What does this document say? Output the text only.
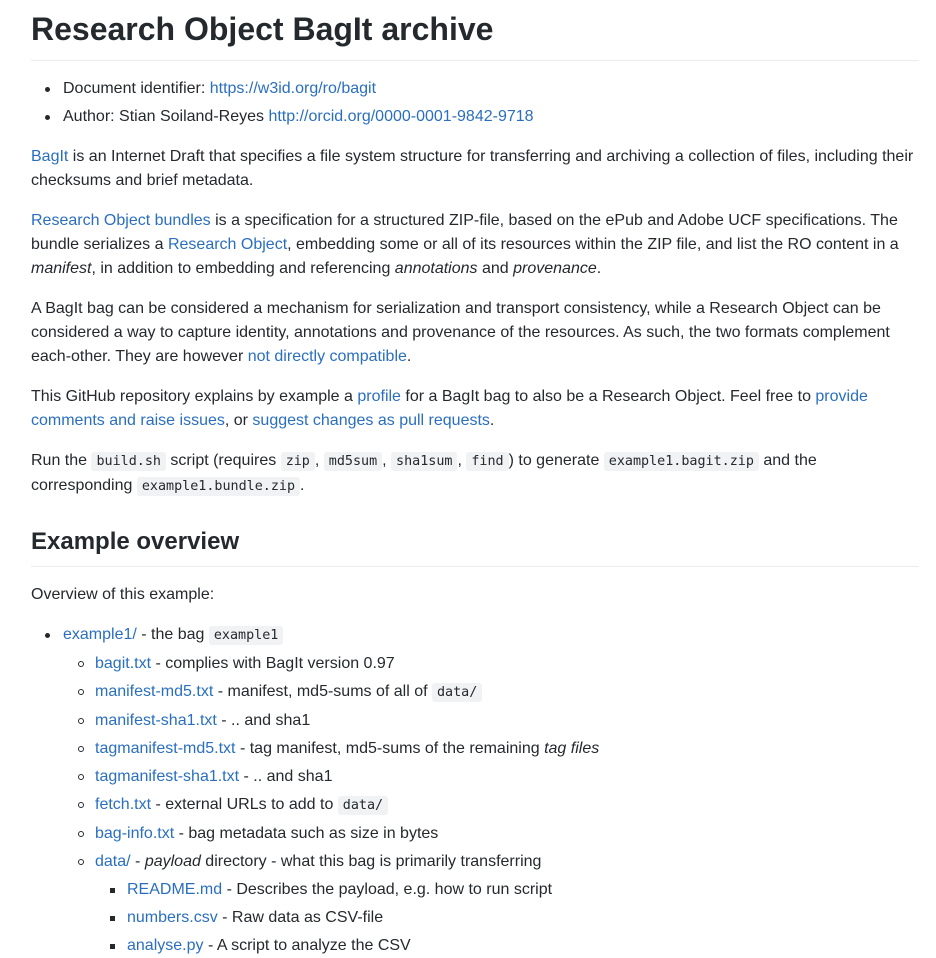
Research Object BagIt archive
Document identifier: https://w3id.org/ro/bagit
Author: Stian Soiland-Reyes http://orcid.org/0000-0001-9842-9718

BagIt is an Internet Draft that specifies a file system structure for transferring and archiving a collection of files, including their checksums and brief metadata.

Research Object bundles is a specification for a structured ZIP-file, based on the ePub and Adobe UCF specifications. The bundle serializes a Research Object, embedding some or all of its resources within the ZIP file, and list the RO content in a manifest, in addition to embedding and referencing annotations and provenance.

A BagIt bag can be considered a mechanism for serialization and transport consistency, while a Research Object can be considered a way to capture identity, annotations and provenance of the resources. As such, the two formats complement each-other. They are however not directly compatible.

This GitHub repository explains by example a profile for a BagIt bag to also be a Research Object. Feel free to provide comments and raise issues, or suggest changes as pull requests.

Run the build.sh script (requires zip , md5sum , sha1sum , find ) to generate example1.bagit.zip and the corresponding example1.bundle.zip .

Example overview

Overview of this example:

example1/ - the bag example1
bagit.txt - complies with BagIt version 0.97
manifest-md5.txt - manifest, md5-sums of all of data/
manifest-sha1.txt - .. and sha1
tagmanifest-md5.txt - tag manifest, md5-sums of the remaining tag files
tagmanifest-sha1.txt - .. and sha1
fetch.txt - external URLs to add to data/
bag-info.txt - bag metadata such as size in bytes
data/ - payload directory - what this bag is primarily transferring
README.md - Describes the payload, e.g. how to run script
numbers.csv - Raw data as CSV-file
analyse.py - A script to analyze the CSV
